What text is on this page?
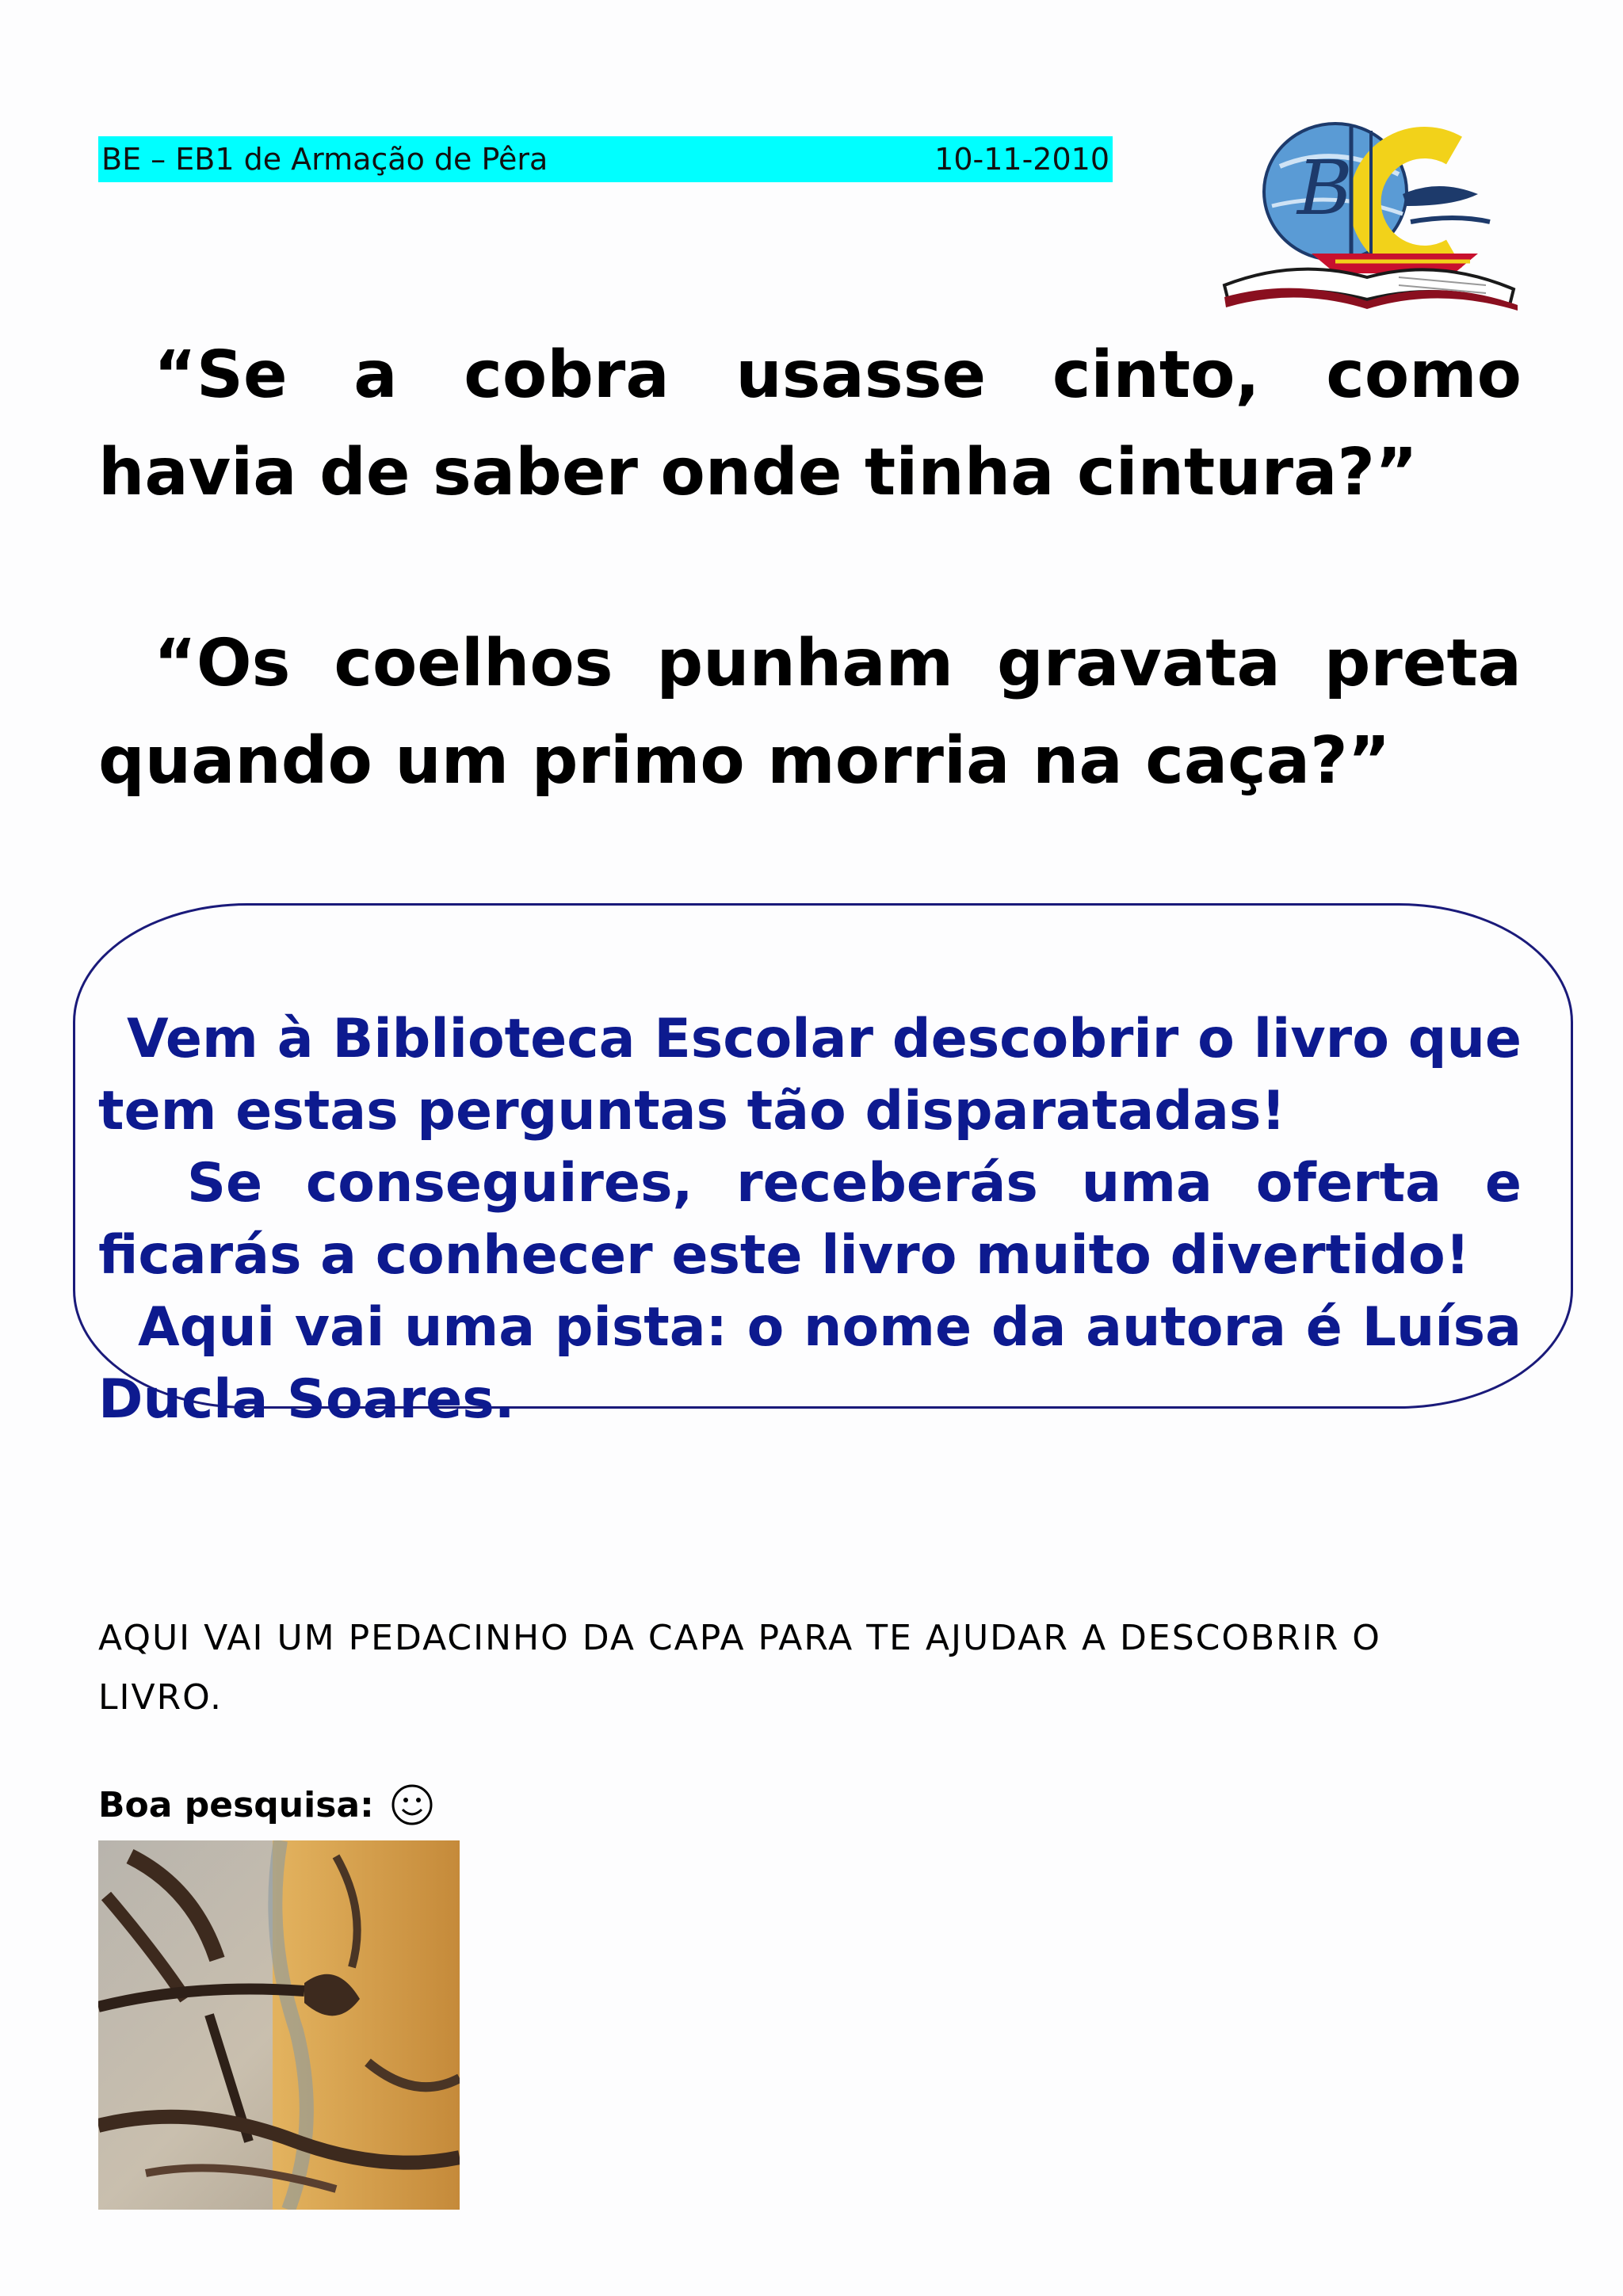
BE – EB1 de Armação de Pêra	10-11-2010 B

“Se a cobra usasse cinto, como havia de saber onde tinha cintura?”

“Os coelhos punham gravata preta quando um primo morria na caça?”

Vem à Biblioteca Escolar descobrir o livro que tem estas perguntas tão disparatadas!

Se conseguires, receberás uma oferta e ficarás a conhecer este livro muito divertido!

Aqui vai uma pista: o nome da autora é Luísa Ducla Soares.

AQUI VAI UM PEDACINHO DA CAPA PARA TE AJUDAR A DESCOBRIR O LIVRO.

Boa pesquisa:
